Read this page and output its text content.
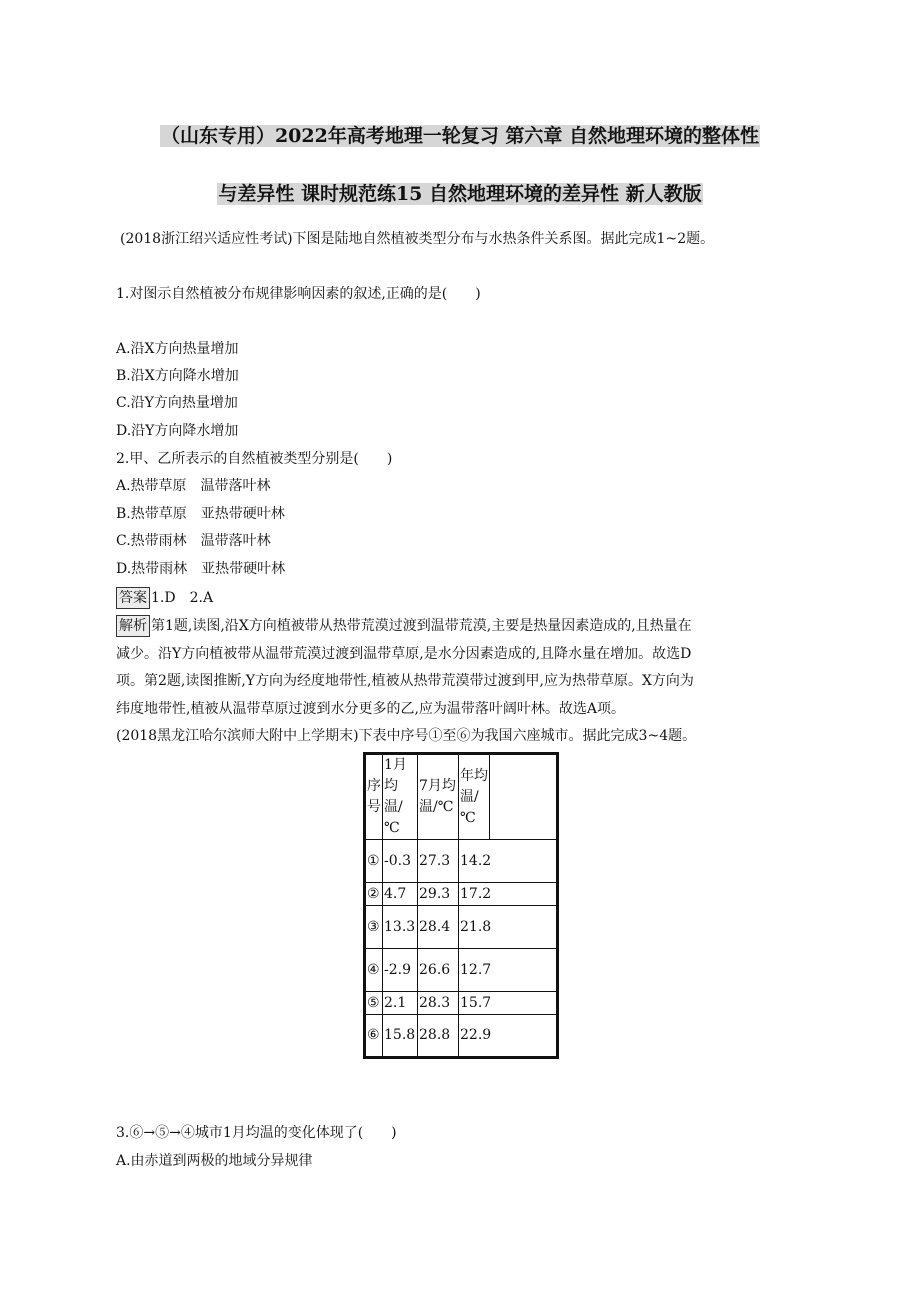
（山东专用）2022年高考地理一轮复习 第六章 自然地理环境的整体性
与差异性 课时规范练15 自然地理环境的差异性 新人教版
(2018浙江绍兴适应性考试)下图是陆地自然植被类型分布与水热条件关系图。据此完成1~2题。
1.对图示自然植被分布规律影响因素的叙述,正确的是(　　)
A.沿X方向热量增加
B.沿X方向降水增加
C.沿Y方向热量增加
D.沿Y方向降水增加
2.甲、乙所表示的自然植被类型分别是(　　)
A.热带草原　温带落叶林
B.热带草原　亚热带硬叶林
C.热带雨林　温带落叶林
D.热带雨林　亚热带硬叶林
答案 1.D　2.A
解析 第1题,读图,沿X方向植被带从热带荒漠过渡到温带荒漠,主要是热量因素造成的,且热量在
减少。沿Y方向植被带从温带荒漠过渡到温带草原,是水分因素造成的,且降水量在增加。故选D
项。第2题,读图推断,Y方向为经度地带性,植被从热带荒漠带过渡到甲,应为热带草原。X方向为
纬度地带性,植被从温带草原过渡到水分更多的乙,应为温带落叶阔叶林。故选A项。
(2018黑龙江哈尔滨师大附中上学期末)下表中序号①至⑥为我国六座城市。据此完成3~4题。
序号	1月均温/℃	7月均温/℃	年均温/℃	
①	-0.3	27.3	14.2	
②	4.7	29.3	17.2	
③	13.3	28.4	21.8	
④	-2.9	26.6	12.7	
⑤	2.1	28.3	15.7	
⑥	15.8	28.8	22.9	
3.⑥→⑤→④城市1月均温的变化体现了(　　)
A.由赤道到两极的地域分异规律
